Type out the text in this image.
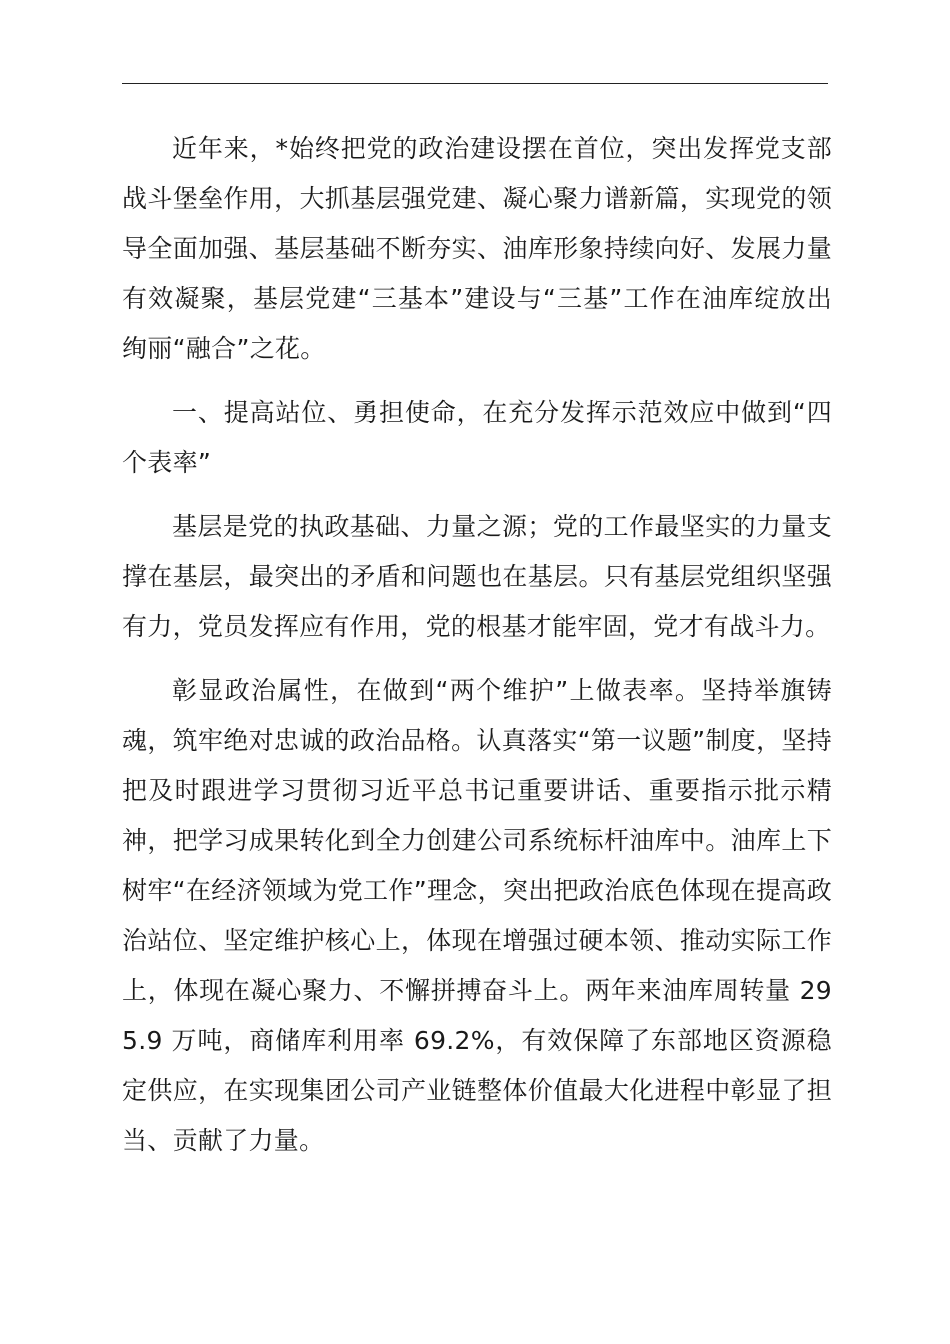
近年来，*始终把党的政治建设摆在首位，突出发挥党支部战斗堡垒作用，大抓基层强党建、凝心聚力谱新篇，实现党的领导全面加强、基层基础不断夯实、油库形象持续向好、发展力量有效凝聚，基层党建“三基本”建设与“三基”工作在油库绽放出绚丽“融合”之花。

一、提高站位、勇担使命，在充分发挥示范效应中做到“四个表率”

基层是党的执政基础、力量之源；党的工作最坚实的力量支撑在基层，最突出的矛盾和问题也在基层。只有基层党组织坚强有力，党员发挥应有作用，党的根基才能牢固，党才有战斗力。

彰显政治属性，在做到“两个维护”上做表率。坚持举旗铸魂，筑牢绝对忠诚的政治品格。认真落实“第一议题”制度，坚持把及时跟进学习贯彻习近平总书记重要讲话、重要指示批示精神，把学习成果转化到全力创建公司系统标杆油库中。油库上下树牢“在经济领域为党工作”理念，突出把政治底色体现在提高政治站位、坚定维护核心上，体现在增强过硬本领、推动实际工作上，体现在凝心聚力、不懈拼搏奋斗上。两年来油库周转量 295.9 万吨，商储库利用率 69.2%，有效保障了东部地区资源稳定供应，在实现集团公司产业链整体价值最大化进程中彰显了担当、贡献了力量。
